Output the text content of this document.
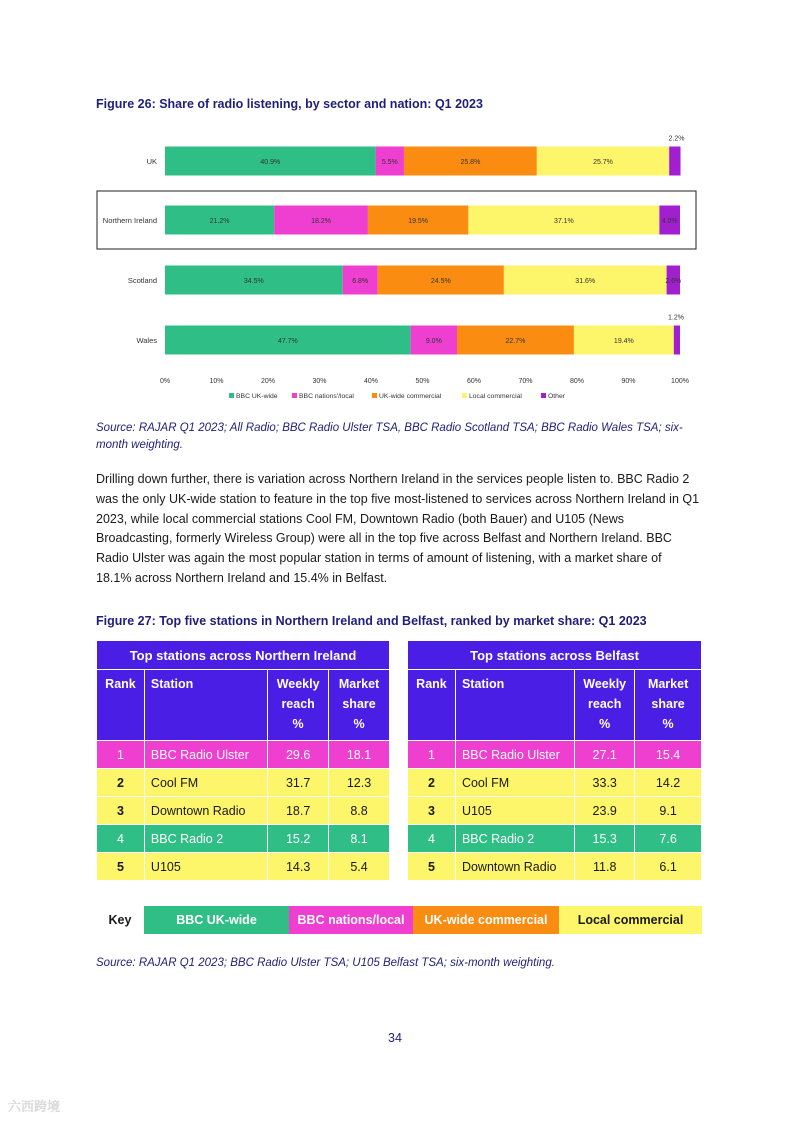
Figure 26: Share of radio listening, by sector and nation: Q1 2023
UK	40.9%	5.5%	25.8%	25.7%
2.2%
Northern Ireland	21.2%	18.2%	19.5%	37.1%	4.0%
Scotland	34.5%	6.8%	24.5%	31.6%	2.6%
Wales	47.7%	9.0%	22.7%	19.4%
1.2%
0%	10%	20%	30%	40%	50%	60%	70%	80%	90%	100%
BBC UK-wide	BBC nations'/local	UK-wide commercial	Local commercial	Other
Source: RAJAR Q1 2023; All Radio; BBC Radio Ulster TSA, BBC Radio Scotland TSA; BBC Radio Wales TSA; six-month weighting.
Drilling down further, there is variation across Northern Ireland in the services people listen to. BBC Radio 2 was the only UK-wide station to feature in the top five most-listened to services across Northern Ireland in Q1 2023, while local commercial stations Cool FM, Downtown Radio (both Bauer) and U105 (News Broadcasting, formerly Wireless Group) were all in the top five across Belfast and Northern Ireland. BBC Radio Ulster was again the most popular station in terms of amount of listening, with a market share of 18.1% across Northern Ireland and 15.4% in Belfast.
Figure 27: Top five stations in Northern Ireland and Belfast, ranked by market share: Q1 2023
Top stations across Northern Ireland			
Rank	Station	Weekly
reach
%	Market
share
%
1	BBC Radio Ulster	29.6	18.1
2	Cool FM	31.7	12.3
3	Downtown Radio	18.7	8.8
4	BBC Radio 2	15.2	8.1
5	U105	14.3	5.4
Top stations across Belfast			
Rank	Station	Weekly
reach
%	Market
share
%
1	BBC Radio Ulster	27.1	15.4
2	Cool FM	33.3	14.2
3	U105	23.9	9.1
4	BBC Radio 2	15.3	7.6
5	Downtown Radio	11.8	6.1
Key	BBC UK-wide	BBC nations/local	UK-wide commercial	Local commercial
Source: RAJAR Q1 2023; BBC Radio Ulster TSA; U105 Belfast TSA; six-month weighting.
34
六西跨境
